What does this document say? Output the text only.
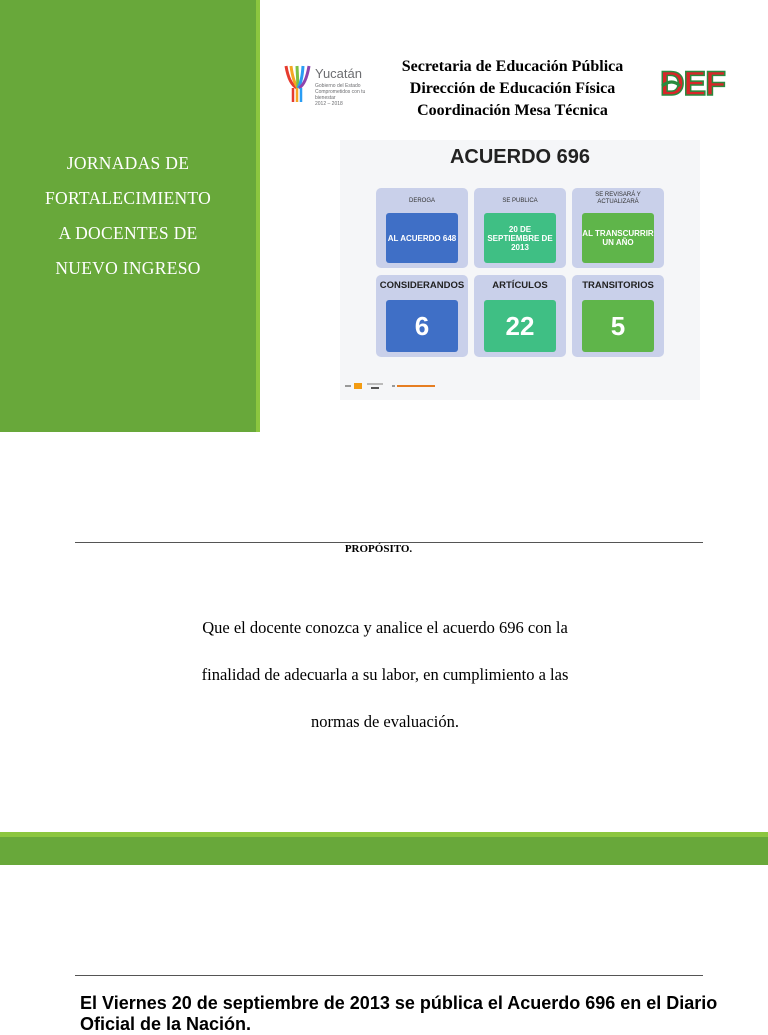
JORNADAS DE
FORTALECIMIENTO
A DOCENTES DE
NUEVO INGRESO
Yucatán
Gobierno del Estado
Comprometidos con tu bienestar
2012 – 2018
Secretaria de Educación Pública
Dirección de Educación Física
Coordinación Mesa Técnica
DEF
ACUERDO 696
DEROGA
AL ACUERDO 648
SE PUBLICA
20 DE SEPTIEMBRE DE 2013
SE REVISARÁ Y ACTUALIZARÁ
AL TRANSCURRIR UN AÑO
CONSIDERANDOS
6
ARTÍCULOS
22
TRANSITORIOS
5
PROPÓSITO.
Que el docente conozca y analice el acuerdo 696 con la
finalidad de adecuarla a su labor, en cumplimiento a las
normas de evaluación.
El Viernes 20 de septiembre de 2013 se pública el Acuerdo 696 en el Diario Oficial de la Nación.
